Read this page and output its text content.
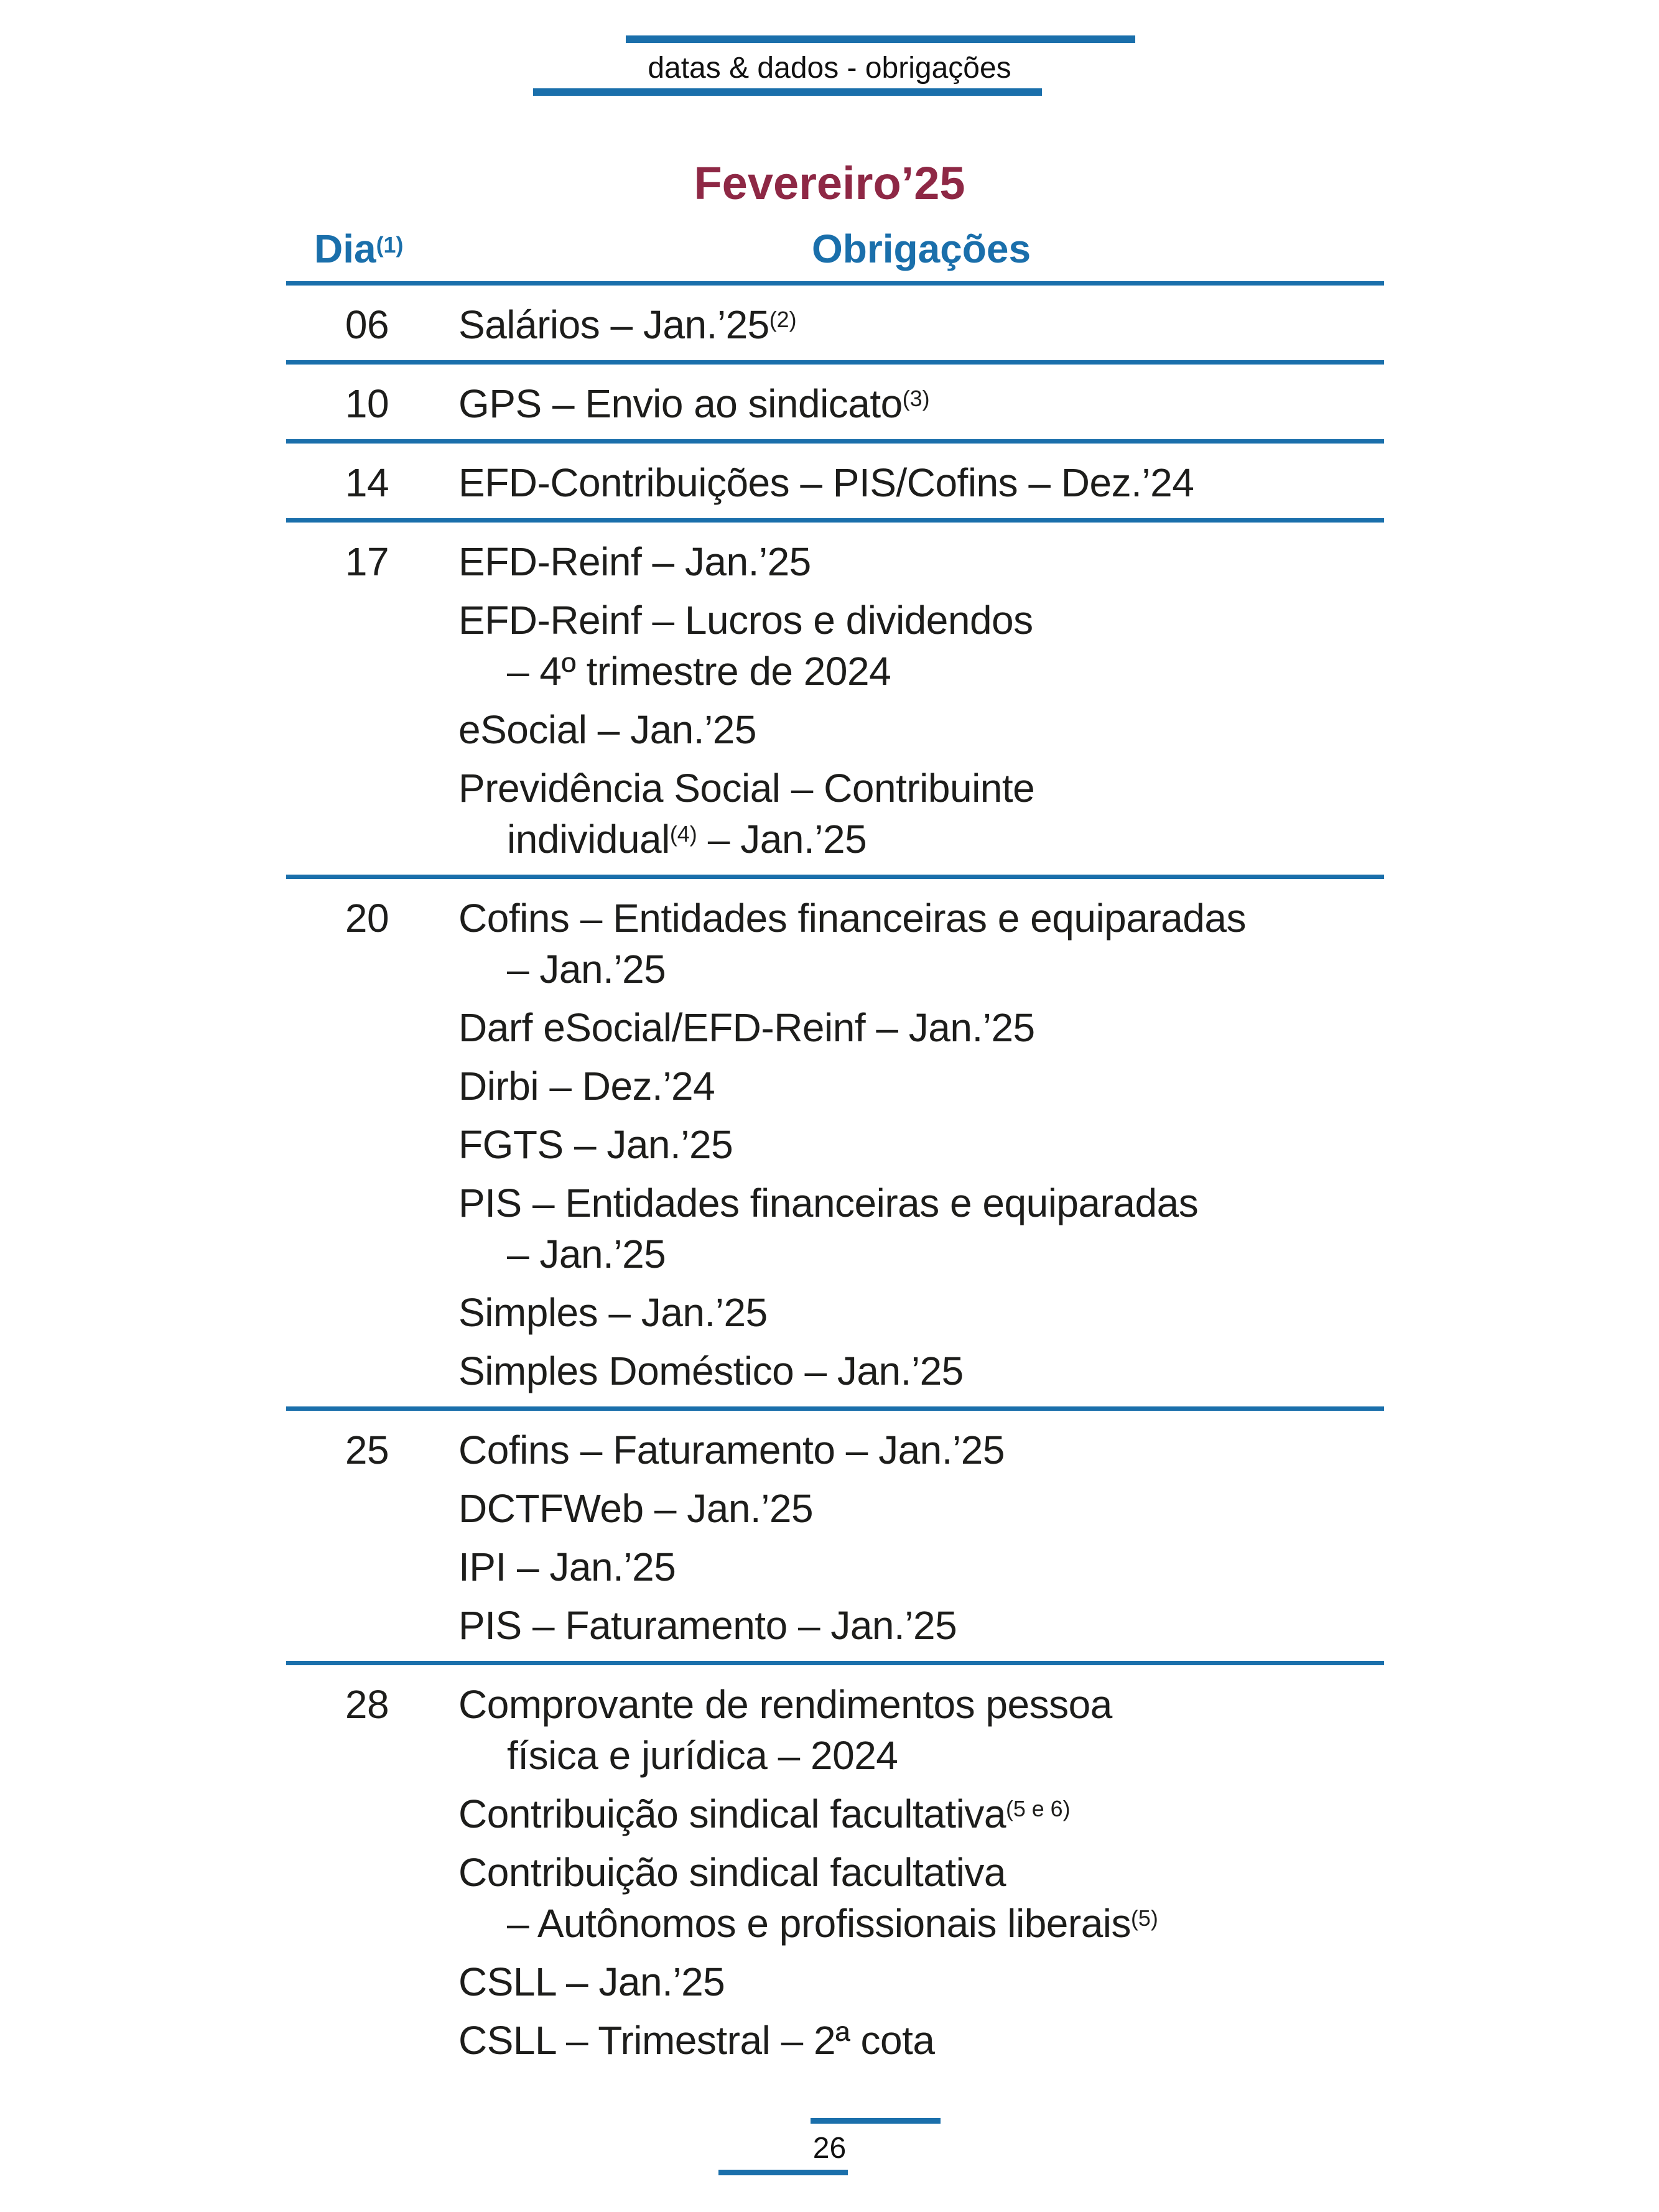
datas & dados - obrigações
Fevereiro’25
Dia$^{(1)}$	Obrigações
06	Salários – Jan.’25$^{(2)}$
10	GPS – Envio ao sindicato$^{(3)}$
14	EFD-Contribuições – PIS/Cofins – Dez.’24
17	EFD-Reinf – Jan.’25
EFD-Reinf – Lucros e dividendos
– 4º trimestre de 2024
eSocial – Jan.’25
Previdência Social – Contribuinte
individual$^{(4)}$ – Jan.’25
20	Cofins – Entidades financeiras e equiparadas
– Jan.’25
Darf eSocial/EFD-Reinf – Jan.’25
Dirbi – Dez.’24
FGTS – Jan.’25
PIS – Entidades financeiras e equiparadas
– Jan.’25
Simples – Jan.’25
Simples Doméstico – Jan.’25
25	Cofins – Faturamento – Jan.’25
DCTFWeb – Jan.’25
IPI – Jan.’25
PIS – Faturamento – Jan.’25
28	Comprovante de rendimentos pessoa
física e jurídica – 2024
Contribuição sindical facultativa$^{(5 e 6)}$
Contribuição sindical facultativa
– Autônomos e profissionais liberais$^{(5)}$
CSLL – Jan.’25
CSLL – Trimestral – 2ª cota
26
